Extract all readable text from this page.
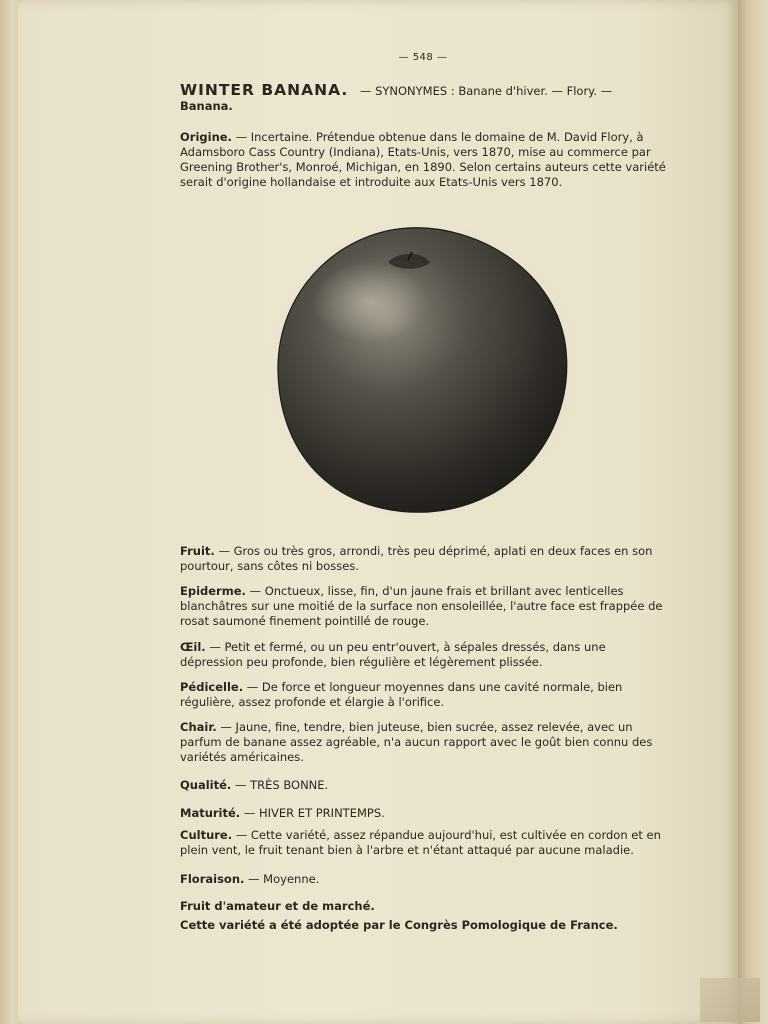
— 548 —
WINTER BANANA. — SYNONYMES : Banane d'hiver. — Flory. —
Banana.
Origine. — Incertaine. Prétendue obtenue dans le domaine de M. David Flory, à Adamsboro Cass Country (Indiana), Etats-Unis, vers 1870, mise au commerce par Greening Brother's, Monroé, Michigan, en 1890. Selon certains auteurs cette variété serait d'origine hollandaise et introduite aux Etats-Unis vers 1870.
Fruit. — Gros ou très gros, arrondi, très peu déprimé, aplati en deux faces en son pourtour, sans côtes ni bosses.
Epiderme. — Onctueux, lisse, fin, d'un jaune frais et brillant avec lenticelles blanchâtres sur une moitié de la surface non ensoleillée, l'autre face est frappée de rosat saumoné finement pointillé de rouge.
Œil. — Petit et fermé, ou un peu entr'ouvert, à sépales dressés, dans une dépression peu profonde, bien régulière et légèrement plissée.
Pédicelle. — De force et longueur moyennes dans une cavité normale, bien régulière, assez profonde et élargie à l'orifice.
Chair. — Jaune, fine, tendre, bien juteuse, bien sucrée, assez relevée, avec un parfum de banane assez agréable, n'a aucun rapport avec le goût bien connu des variétés américaines.
Qualité. — TRÈS BONNE.
Maturité. — HIVER ET PRINTEMPS.
Culture. — Cette variété, assez répandue aujourd'hui, est cultivée en cordon et en plein vent, le fruit tenant bien à l'arbre et n'étant attaqué par aucune maladie.
Floraison. — Moyenne.
Fruit d'amateur et de marché.
Cette variété a été adoptée par le Congrès Pomologique de France.
